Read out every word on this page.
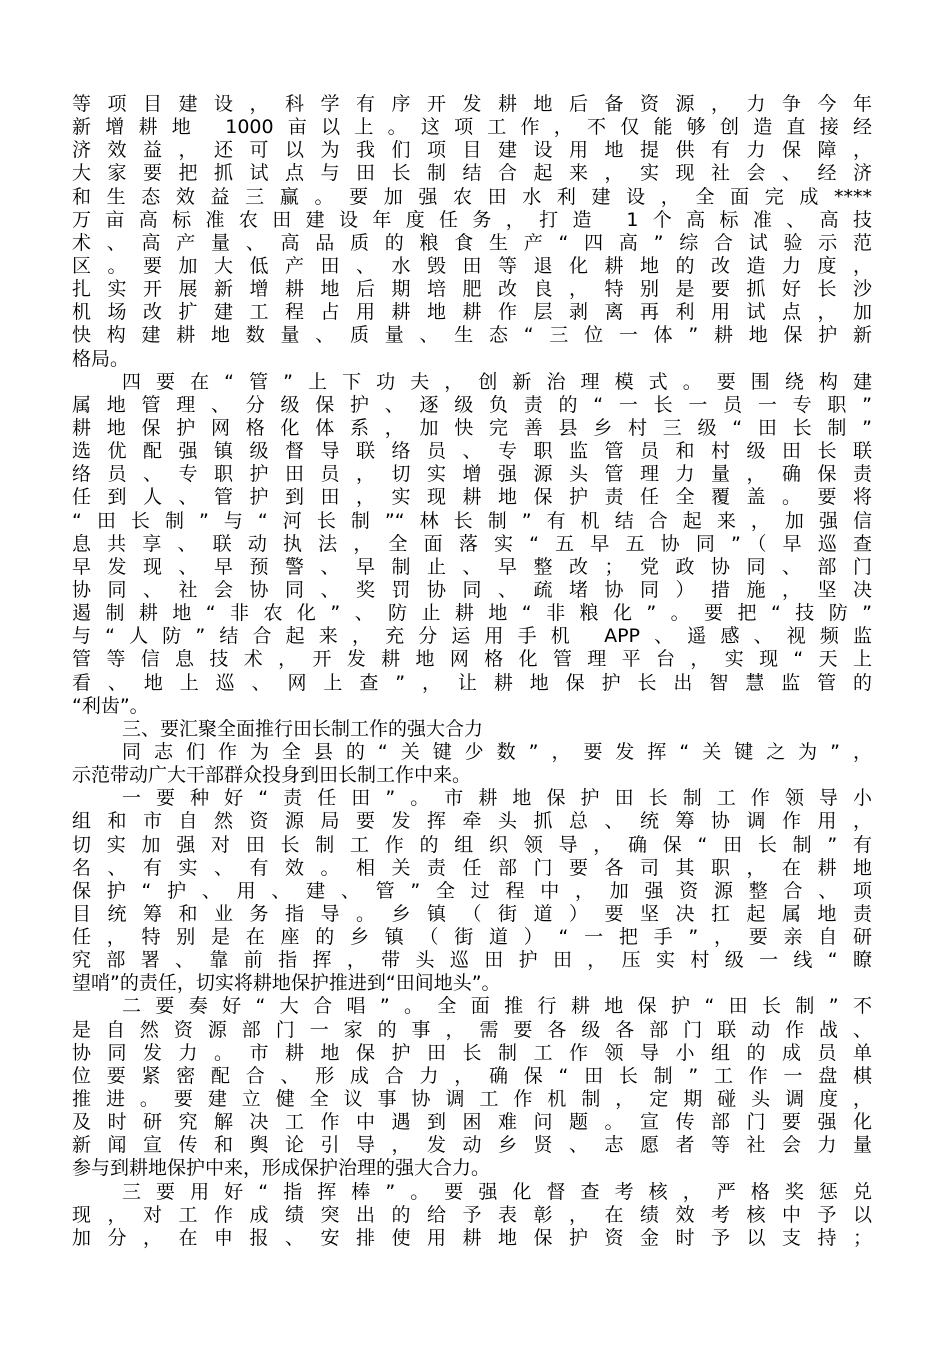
等项目建设，科学有序开发耕地后备资源，力争今年
新增耕地 1000亩以上。这项工作，不仅能够创造直接经
济效益，还可以为我们项目建设用地提供有力保障，
大家要把抓试点与田长制结合起来，实现社会、经济
和生态效益三赢。要加强农田水利建设，全面完成****
万亩高标准农田建设年度任务，打造 1个高标准、高技
术、高产量、高品质的粮食生产“四高”综合试验示范
区。要加大低产田、水毁田等退化耕地的改造力度，
扎实开展新增耕地后期培肥改良，特别是要抓好长沙
机场改扩建工程占用耕地耕作层剥离再利用试点，加
快构建耕地数量、质量、生态“三位一体”耕地保护新
格局。
四要在“管”上下功夫，创新治理模式。要围绕构建
属地管理、分级保护、逐级负责的“一长一员一专职”
耕地保护网格化体系，加快完善县乡村三级“田长制”
选优配强镇级督导联络员、专职监管员和村级田长联
络员、专职护田员，切实增强源头管理力量，确保责
任到人、管护到田，实现耕地保护责任全覆盖。要将
“田长制”与“河长制”“林长制”有机结合起来，加强信
息共享、联动执法，全面落实“五早五协同”（早巡查
早发现、早预警、早制止、早整改；党政协同、部门
协同、社会协同、奖罚协同、疏堵协同）措施，坚决
遏制耕地“非农化”、防止耕地“非粮化”。要把“技防”
与“人防”结合起来，充分运用手机 APP、遥感、视频监
管等信息技术，开发耕地网格化管理平台，实现“天上
看、地上巡、网上查”，让耕地保护长出智慧监管的
“利齿”。
三、要汇聚全面推行田长制工作的强大合力
同志们作为全县的“关键少数”，要发挥“关键之为”，
示范带动广大干部群众投身到田长制工作中来。
一要种好“责任田”。市耕地保护田长制工作领导小
组和市自然资源局要发挥牵头抓总、统筹协调作用，
切实加强对田长制工作的组织领导，确保“田长制”有
名、有实、有效。相关责任部门要各司其职，在耕地
保护“护、用、建、管”全过程中，加强资源整合、项
目统筹和业务指导。乡镇（街道）要坚决扛起属地责
任，特别是在座的乡镇（街道）“一把手”，要亲自研
究部署、靠前指挥，带头巡田护田，压实村级一线“瞭
望哨”的责任，切实将耕地保护推进到“田间地头”。
二要奏好“大合唱”。全面推行耕地保护“田长制”不
是自然资源部门一家的事，需要各级各部门联动作战、
协同发力。市耕地保护田长制工作领导小组的成员单
位要紧密配合、形成合力，确保“田长制”工作一盘棋
推进。要建立健全议事协调工作机制，定期碰头调度，
及时研究解决工作中遇到困难问题。宣传部门要强化
新闻宣传和舆论引导，发动乡贤、志愿者等社会力量
参与到耕地保护中来，形成保护治理的强大合力。
三要用好“指挥棒”。要强化督查考核，严格奖惩兑
现，对工作成绩突出的给予表彰，在绩效考核中予以
加分，在申报、安排使用耕地保护资金时予以支持；
